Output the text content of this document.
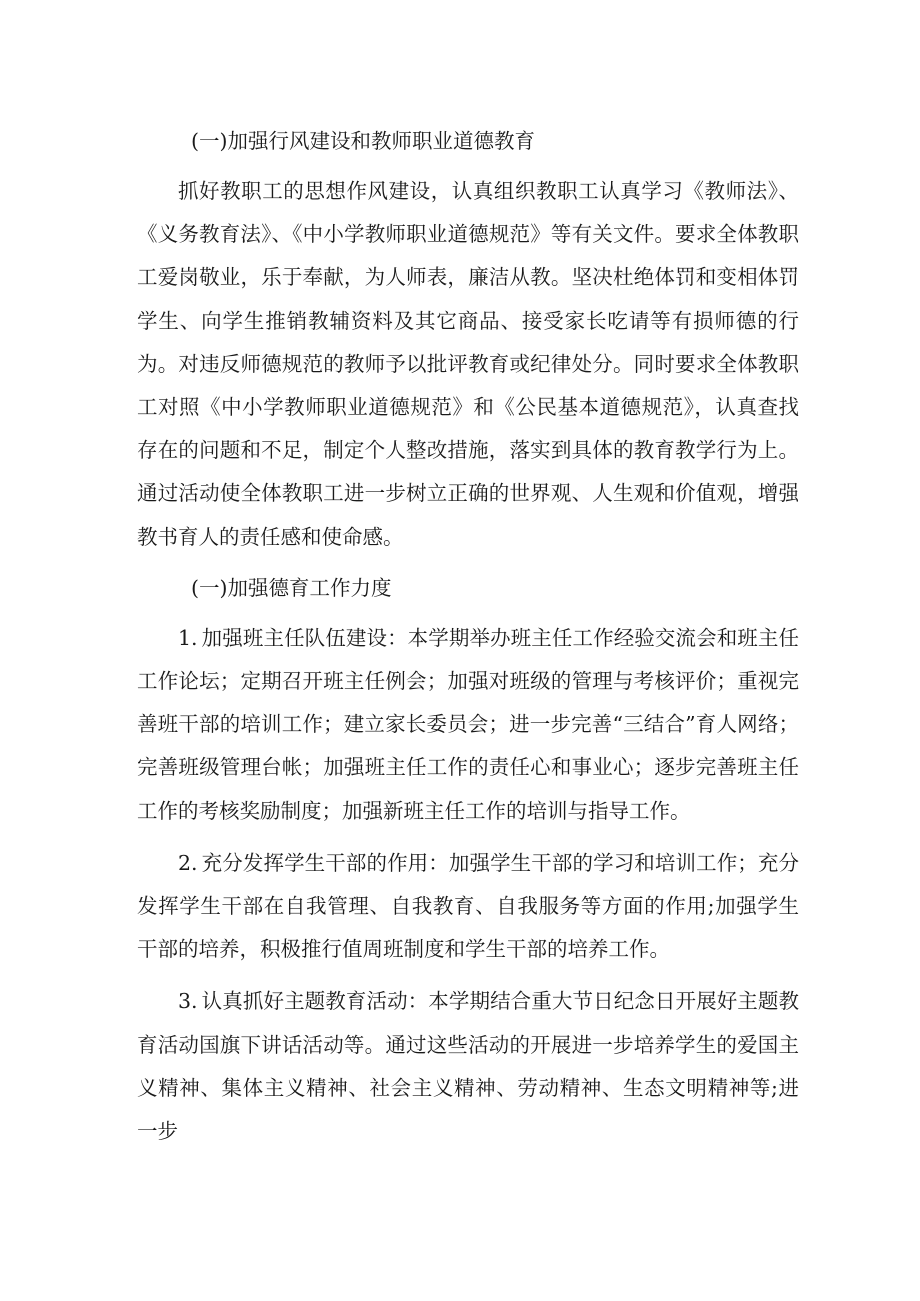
(一)加强行风建设和教师职业道德教育

抓好教职工的思想作风建设，认真组织教职工认真学习《教师法》、《义务教育法》、《中小学教师职业道德规范》等有关文件。要求全体教职工爱岗敬业，乐于奉献，为人师表，廉洁从教。坚决杜绝体罚和变相体罚学生、向学生推销教辅资料及其它商品、接受家长吃请等有损师德的行为。对违反师德规范的教师予以批评教育或纪律处分。同时要求全体教职工对照《中小学教师职业道德规范》和《公民基本道德规范》，认真查找存在的问题和不足，制定个人整改措施，落实到具体的教育教学行为上。通过活动使全体教职工进一步树立正确的世界观、人生观和价值观，增强教书育人的责任感和使命感。

(一)加强德育工作力度

1. 加强班主任队伍建设：本学期举办班主任工作经验交流会和班主任工作论坛；定期召开班主任例会；加强对班级的管理与考核评价；重视完善班干部的培训工作；建立家长委员会；进一步完善“三结合”育人网络；完善班级管理台帐；加强班主任工作的责任心和事业心；逐步完善班主任工作的考核奖励制度；加强新班主任工作的培训与指导工作。

2. 充分发挥学生干部的作用：加强学生干部的学习和培训工作；充分发挥学生干部在自我管理、自我教育、自我服务等方面的作用;加强学生干部的培养，积极推行值周班制度和学生干部的培养工作。

3. 认真抓好主题教育活动：本学期结合重大节日纪念日开展好主题教育活动国旗下讲话活动等。通过这些活动的开展进一步培养学生的爱国主义精神、集体主义精神、社会主义精神、劳动精神、生态文明精神等;进一步
